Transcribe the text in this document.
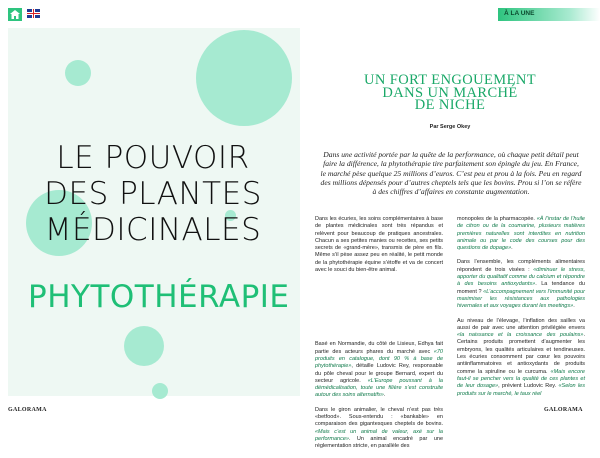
LE POUVOIR
DES PLANTES
MÉDICINALES
PHYTOTHÉRAPIE
GALORAMA
À LA UNE
UN FORT ENGOUEMENT
DANS UN MARCHÉ
DE NICHE
Par Serge Okey
Dans une activité portée par la quête de la performance, où chaque petit détail peut faire la différence, la phytothérapie tire parfaitement son épingle du jeu. En France, le marché pèse quelque 25 millions d’euros. C’est peu et prou à la fois. Peu en regard des millions dépensés pour d’autres cheptels tels que les bovins. Prou si l’on se réfère à des chiffres d’affaires en constante augmentation.

Dans les écuries, les soins complémentaires à base de plantes médicinales sont très répandus et relèvent pour beaucoup de pratiques ancestrales. Chacun a ses petites manies ou recettes, ses petits secrets de «grand-mère», transmis de père en fils. Même s’il pèse assez peu en réalité, le petit monde de la phytothérapie équine s’étoffe et va de concert avec le souci du bien-être animal.

Basé en Normandie, du côté de Lisieux, Edhya fait partie des acteurs phares du marché avec «70 produits en catalogue, dont 90 % à base de phytothérapie», détaille Ludovic Rey, responsable du pôle cheval pour le groupe Bernard, expert du secteur agricole. «L’Europe poussant à la démédicalisation, toute une filière s’est construite autour des soins alternatifs».

Dans le giron animalier, le cheval n’est pas très «betfood». Sous-entendu : «bankable» en comparaison des gigantesques cheptels de bovins. «Mais c’est un animal de valeur, axé sur la performance». Un animal encadré par une réglementation stricte, en parallèle des

monopoles de la pharmacopée. «À l’instar de l’huile de citron ou de la coumarine, plusieurs matières premières naturelles sont interdites en nutrition animale ou par le code des courses pour des questions de dopage».

Dans l’ensemble, les compléments alimentaires répondent de trois visées : «diminuer le stress, apporter du qualitatif comme du calcium et répondre à des besoins antioxydants». La tendance du moment ? «L’accompagnement vers l’immunité pour maximiser les résistances aux pathologies hivernales et aux voyages durant les meetings».

Au niveau de l’élevage, l’inflation des sailles va aussi de pair avec une attention privilégiée envers «la naissance et la croissance des poulains». Certains produits promettent d’augmenter les embryons, les qualités articulaires et tendineuses. Les écuries consomment par cœur les pouvoirs antiinflammatoires et antioxydants de produits comme la spiruline ou le curcuma. «Mais encore faut-il se pencher vers la qualité de ces plantes et de leur dosage», prévient Ludovic Rey. «Selon les produits sur le marché, le taux réel

GALORAMA
